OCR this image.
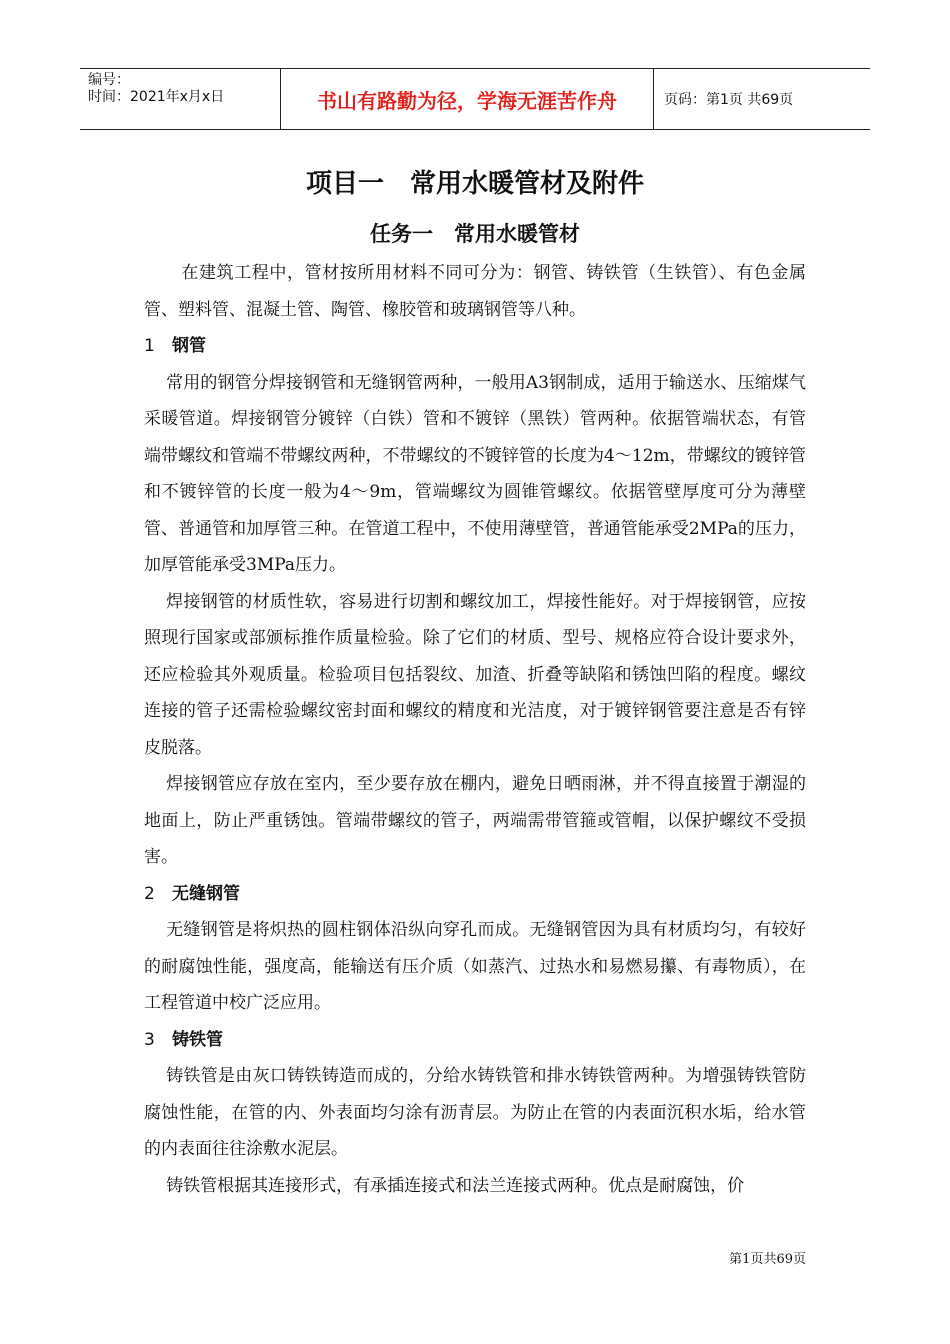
编号：
时间：2021年x月x日	书山有路勤为径，学海无涯苦作舟	页码：第1页 共69页
项目一　常用水暖管材及附件
任务一　常用水暖管材

在建筑工程中，管材按所用材料不同可分为：钢管、铸铁管（生铁管）、有色金属管、塑料管、混凝土管、陶管、橡胶管和玻璃钢管等八种。

1 钢管

常用的钢管分焊接钢管和无缝钢管两种，一般用A3钢制成，适用于输送水、压缩煤气采暖管道。焊接钢管分镀锌（白铁）管和不镀锌（黑铁）管两种。依据管端状态，有管端带螺纹和管端不带螺纹两种，不带螺纹的不镀锌管的长度为4～12m，带螺纹的镀锌管和不镀锌管的长度一般为4～9m，管端螺纹为圆锥管螺纹。依据管壁厚度可分为薄壁管、普通管和加厚管三种。在管道工程中，不使用薄壁管，普通管能承受2MPa的压力，加厚管能承受3MPa压力。

焊接钢管的材质性软，容易进行切割和螺纹加工，焊接性能好。对于焊接钢管，应按照现行国家或部颁标推作质量检验。除了它们的材质、型号、规格应符合设计要求外，还应检验其外观质量。检验项目包括裂纹、加渣、折叠等缺陷和锈蚀凹陷的程度。螺纹连接的管子还需检验螺纹密封面和螺纹的精度和光洁度，对于镀锌钢管要注意是否有锌皮脱落。

焊接钢管应存放在室内，至少要存放在棚内，避免日晒雨淋，并不得直接置于潮湿的地面上，防止严重锈蚀。管端带螺纹的管子，两端需带管箍或管帽，以保护螺纹不受损害。

2 无缝钢管

无缝钢管是将炽热的圆柱钢体沿纵向穿孔而成。无缝钢管因为具有材质均匀，有较好的耐腐蚀性能，强度高，能输送有压介质（如蒸汽、过热水和易燃易攥、有毒物质），在工程管道中校广泛应用。

3 铸铁管

铸铁管是由灰口铸铁铸造而成的，分给水铸铁管和排水铸铁管两种。为增强铸铁管防腐蚀性能，在管的内、外表面均匀涂有沥青层。为防止在管的内表面沉积水垢，给水管的内表面往往涂敷水泥层。

铸铁管根据其连接形式，有承插连接式和法兰连接式两种。优点是耐腐蚀，价

第1页共69页
